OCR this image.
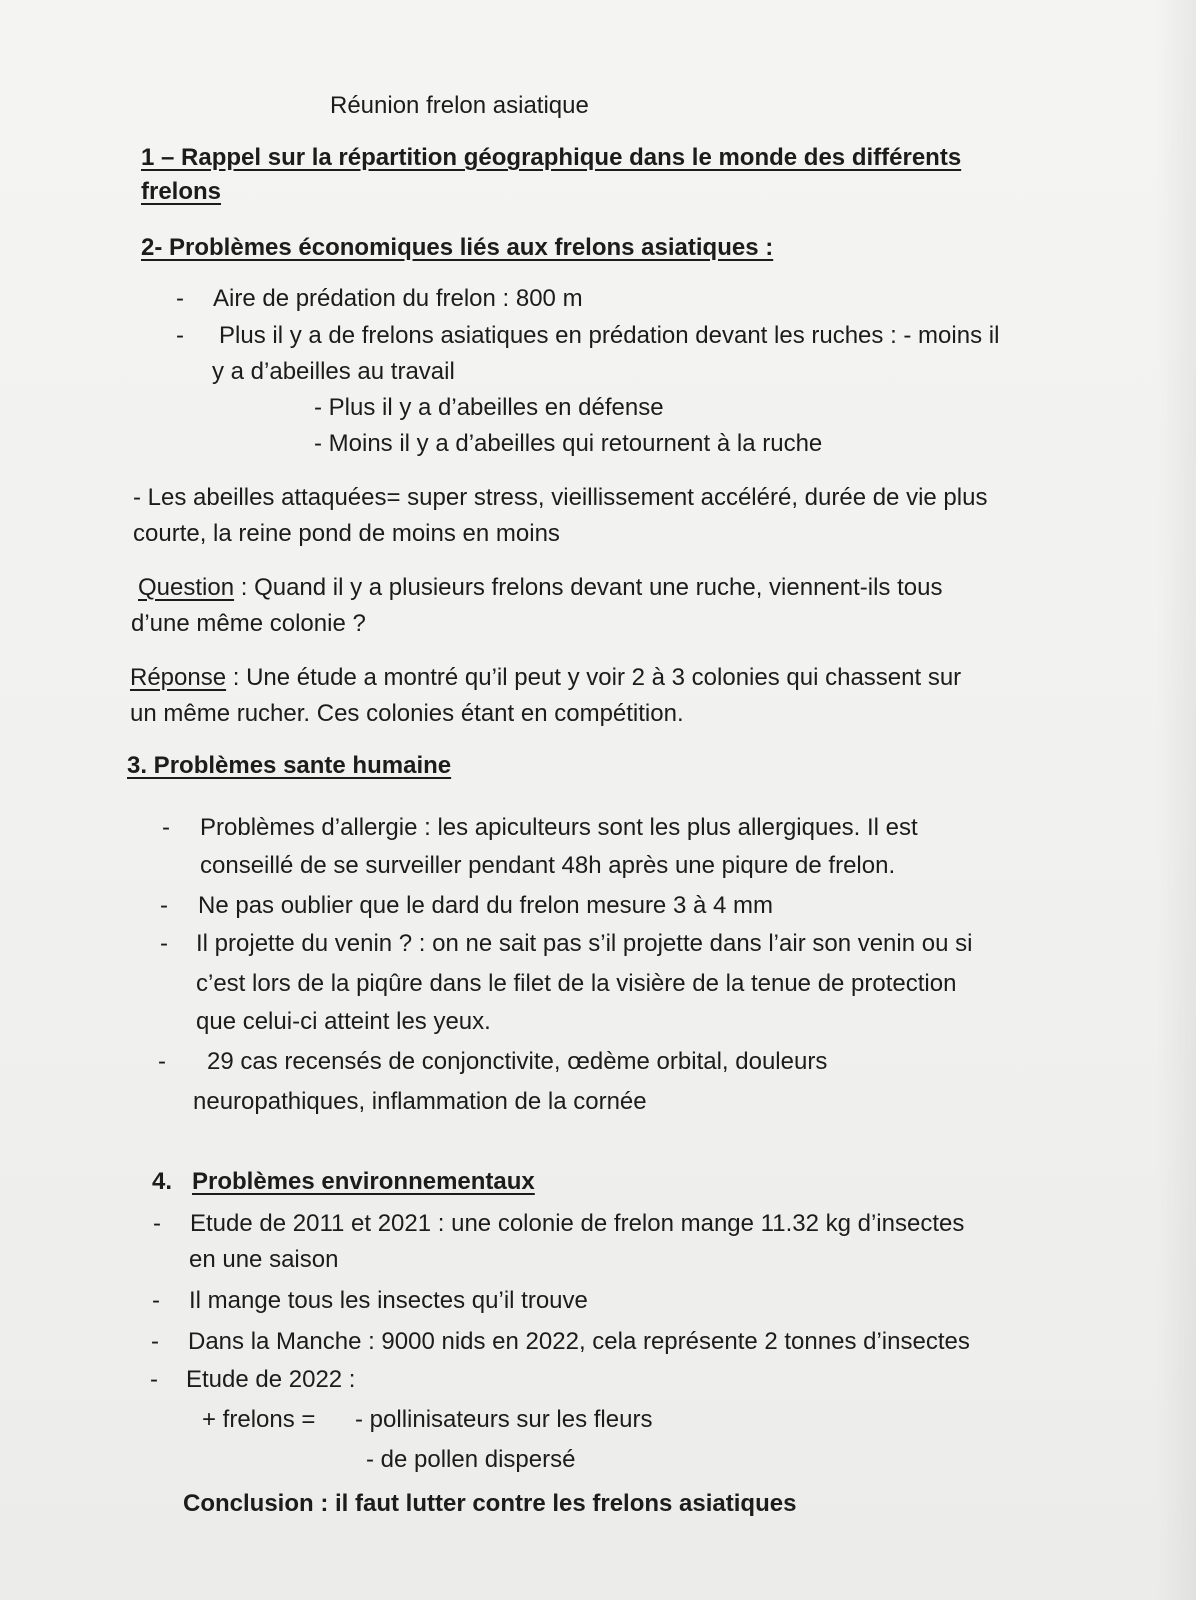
Réunion frelon asiatique
1 – Rappel sur la répartition géographique dans le monde des différents
frelons
2- Problèmes économiques liés aux frelons asiatiques :
- Aire de prédation du frelon : 800 m
- Plus il y a de frelons asiatiques en prédation devant les ruches : - moins il
y a d’abeilles au travail
- Plus il y a d’abeilles en défense
- Moins il y a d’abeilles qui retournent à la ruche
- Les abeilles attaquées= super stress, vieillissement accéléré, durée de vie plus
courte, la reine pond de moins en moins
Question : Quand il y a plusieurs frelons devant une ruche, viennent-ils tous
d’une même colonie ?
Réponse : Une étude a montré qu’il peut y voir 2 à 3 colonies qui chassent sur
un même rucher. Ces colonies étant en compétition.
3. Problèmes sante humaine
- Problèmes d’allergie : les apiculteurs sont les plus allergiques. Il est
conseillé de se surveiller pendant 48h après une piqure de frelon.
- Ne pas oublier que le dard du frelon mesure 3 à 4 mm
- Il projette du venin ? : on ne sait pas s’il projette dans l’air son venin ou si
c’est lors de la piqûre dans le filet de la visière de la tenue de protection
que celui-ci atteint les yeux.
- 29 cas recensés de conjonctivite, œdème orbital, douleurs
neuropathiques, inflammation de la cornée
4. Problèmes environnementaux
- Etude de 2011 et 2021 : une colonie de frelon mange 11.32 kg d’insectes
en une saison
- Il mange tous les insectes qu’il trouve
- Dans la Manche : 9000 nids en 2022, cela représente 2 tonnes d’insectes
- Etude de 2022 :
+ frelons = - pollinisateurs sur les fleurs
- de pollen dispersé
Conclusion : il faut lutter contre les frelons asiatiques
